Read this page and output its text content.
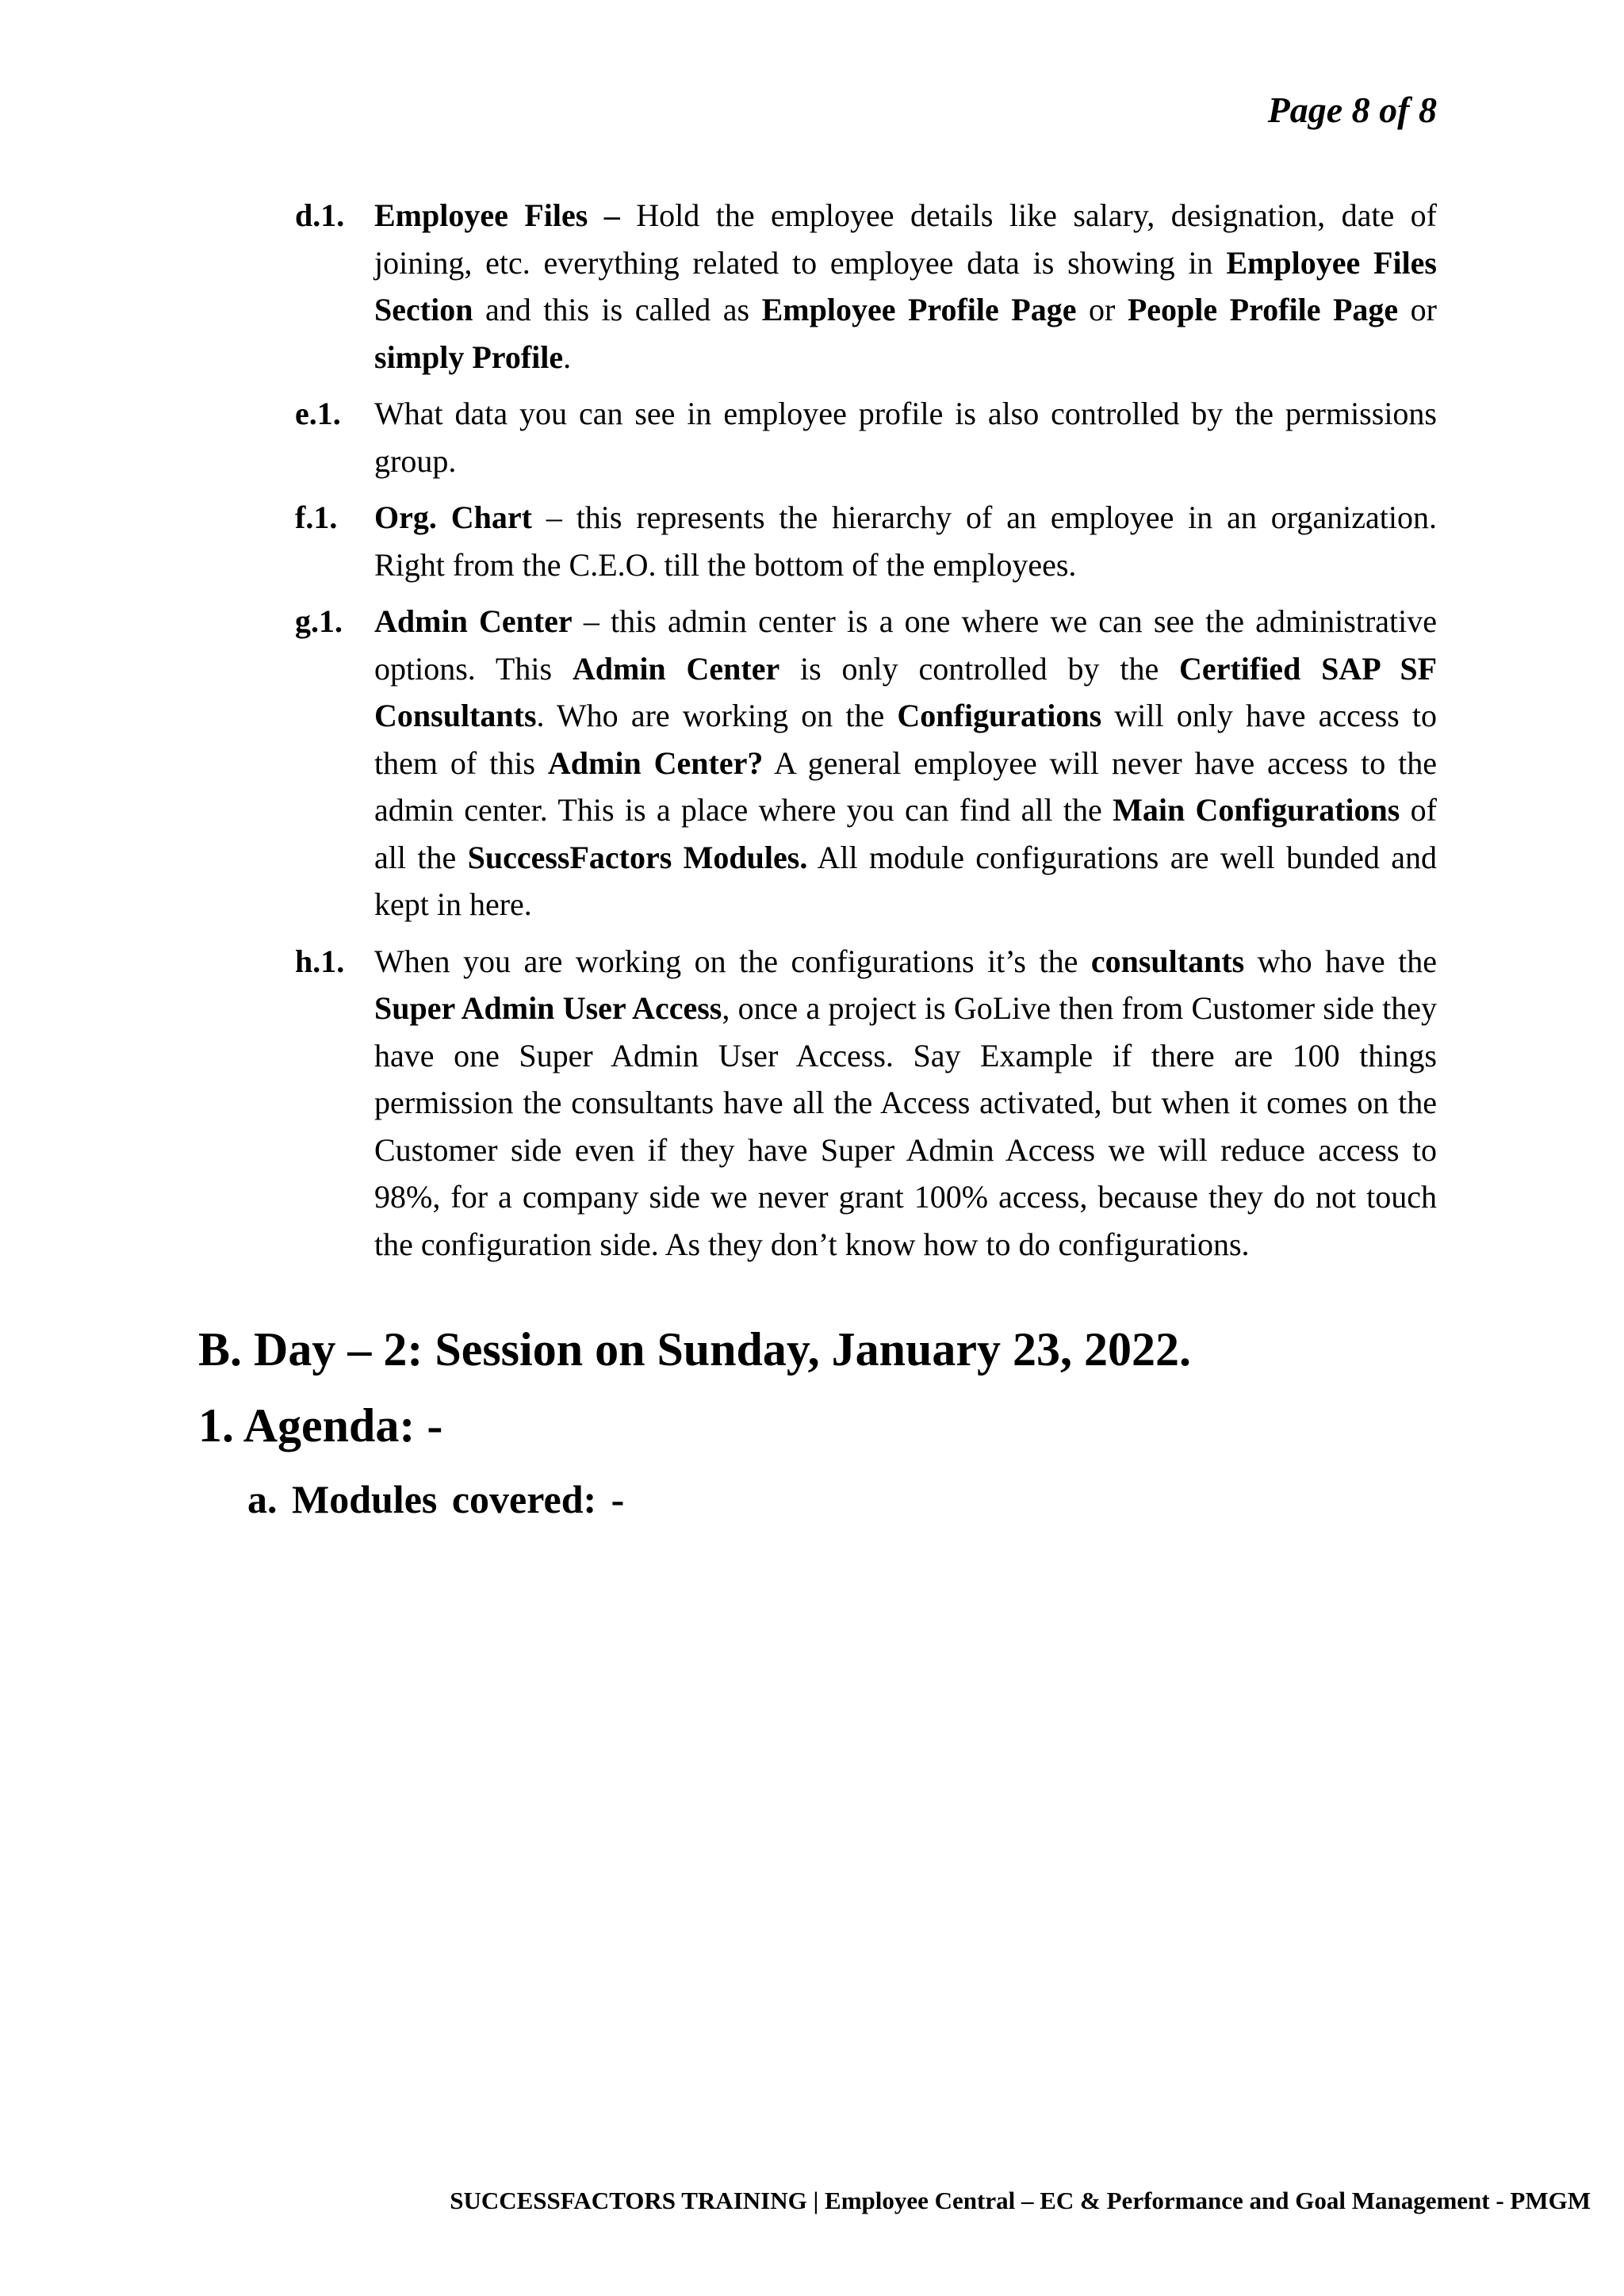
Page 8 of 8
d.1. Employee Files – Hold the employee details like salary, designation, date of joining, etc. everything related to employee data is showing in Employee Files Section and this is called as Employee Profile Page or People Profile Page or simply Profile.
e.1.	What data you can see in employee profile is also controlled by the permissions group.
f.1.	Org. Chart – this represents the hierarchy of an employee in an organization. Right from the C.E.O. till the bottom of the employees.
g.1.	Admin Center – this admin center is a one where we can see the administrative options. This Admin Center is only controlled by the Certified SAP SF Consultants. Who are working on the Configurations will only have access to them of this Admin Center? A general employee will never have access to the admin center. This is a place where you can find all the Main Configurations of all the SuccessFactors Modules. All module configurations are well bunded and kept in here.
h.1. When you are working on the configurations it’s the consultants who have the Super Admin User Access, once a project is GoLive then from Customer side they have one Super Admin User Access. Say Example if there are 100 things permission the consultants have all the Access activated, but when it comes on the Customer side even if they have Super Admin Access we will reduce access to 98%, for a company side we never grant 100% access, because they do not touch the configuration side. As they don’t know how to do configurations.
B. Day – 2: Session on Sunday, January 23, 2022.
1. Agenda: -
a. Modules covered: -
SUCCESSFACTORS TRAINING | Employee Central – EC & Performance and Goal Management - PMGM
